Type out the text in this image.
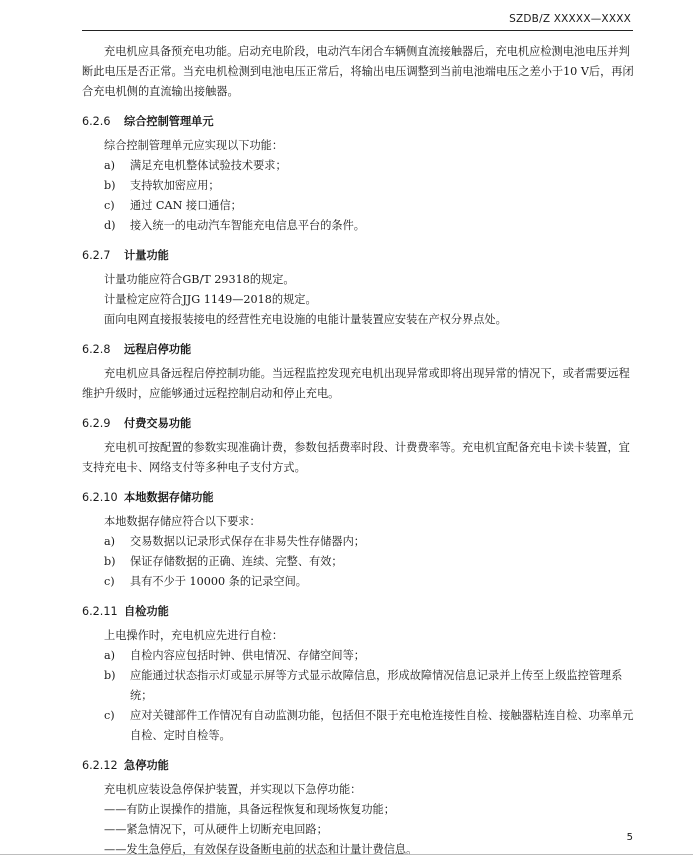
SZDB/Z XXXXX—XXXX

充电机应具备预充电功能。启动充电阶段，电动汽车闭合车辆侧直流接触器后，充电机应检测电池电压并判断此电压是否正常。当充电机检测到电池电压正常后，将输出电压调整到当前电池端电压之差小于10 V后，再闭合充电机侧的直流输出接触器。

6.2.6	综合控制管理单元

综合控制管理单元应实现以下功能：

a)	满足充电机整体试验技术要求；
b)	支持软加密应用；
c)	通过 CAN 接口通信；
d)	接入统一的电动汽车智能充电信息平台的条件。
6.2.7	计量功能

计量功能应符合GB/T 29318的规定。

计量检定应符合JJG 1149—2018的规定。

面向电网直接报装接电的经营性充电设施的电能计量装置应安装在产权分界点处。

6.2.8	远程启停功能

充电机应具备远程启停控制功能。当远程监控发现充电机出现异常或即将出现异常的情况下，或者需要远程维护升级时，应能够通过远程控制启动和停止充电。

6.2.9	付费交易功能

充电机可按配置的参数实现准确计费，参数包括费率时段、计费费率等。充电机宜配备充电卡读卡装置，宜支持充电卡、网络支付等多种电子支付方式。

6.2.10 本地数据存储功能

本地数据存储应符合以下要求：

a)	交易数据以记录形式保存在非易失性存储器内；
b)	保证存储数据的正确、连续、完整、有效；
c)	具有不少于 10000 条的记录空间。
6.2.11 自检功能

上电操作时，充电机应先进行自检：

a)	自检内容应包括时钟、供电情况、存储空间等；
b)	应能通过状态指示灯或显示屏等方式显示故障信息，形成故障情况信息记录并上传至上级监控管理系统；
c)	应对关键部件工作情况有自动监测功能，包括但不限于充电枪连接性自检、接触器粘连自检、功率单元自检、定时自检等。
6.2.12 急停功能

充电机应装设急停保护装置，并实现以下急停功能：

——有防止误操作的措施，具备远程恢复和现场恢复功能；

——紧急情况下，可从硬件上切断充电回路；

——发生急停后，有效保存设备断电前的状态和计量计费信息。

5
